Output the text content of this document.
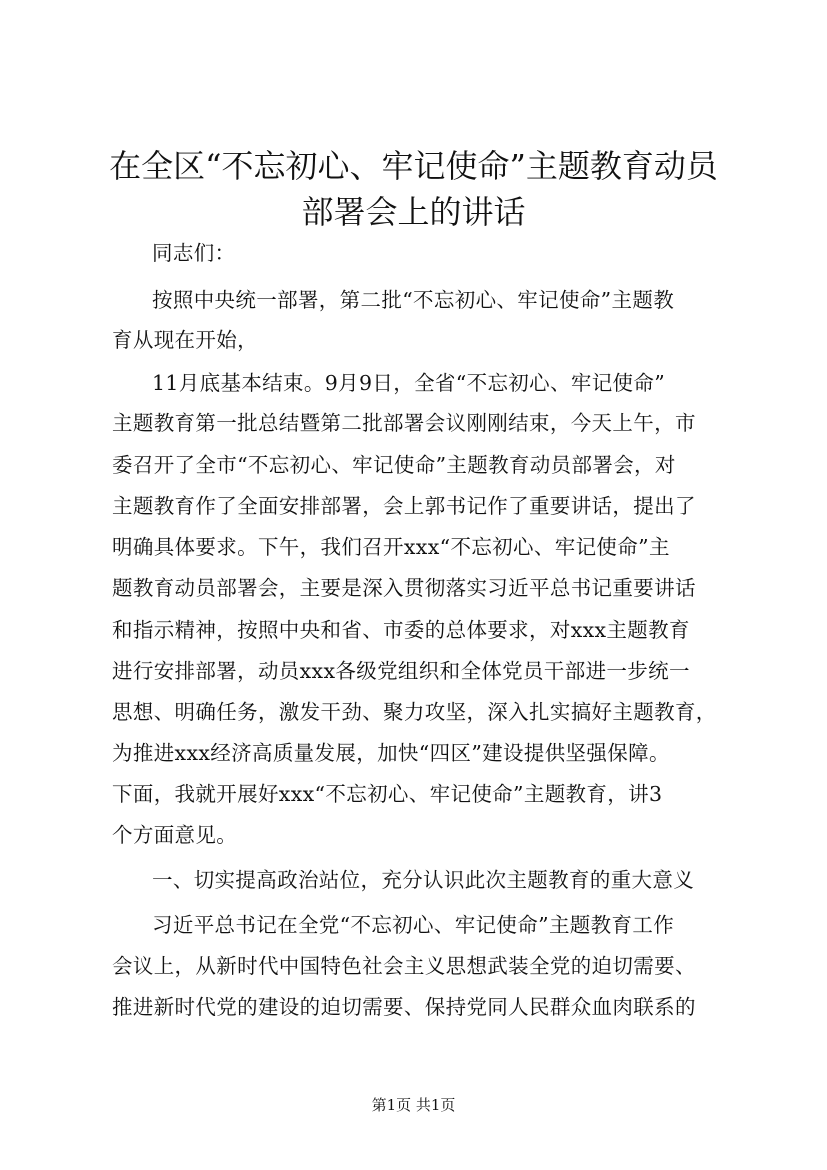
在全区“不忘初心、牢记使命”主题教育动员
部署会上的讲话
同志们：
按照中央统一部署，第二批“不忘初心、牢记使命”主题教
育从现在开始，
11月底基本结束。9月9日，全省“不忘初心、牢记使命”
主题教育第一批总结暨第二批部署会议刚刚结束，今天上午，市
委召开了全市“不忘初心、牢记使命”主题教育动员部署会，对
主题教育作了全面安排部署，会上郭书记作了重要讲话，提出了
明确具体要求。下午，我们召开xxx“不忘初心、牢记使命”主
题教育动员部署会，主要是深入贯彻落实习近平总书记重要讲话
和指示精神，按照中央和省、市委的总体要求，对xxx主题教育
进行安排部署，动员xxx各级党组织和全体党员干部进一步统一
思想、明确任务，激发干劲、聚力攻坚，深入扎实搞好主题教育，
为推进xxx经济高质量发展，加快“四区”建设提供坚强保障。
下面，我就开展好xxx“不忘初心、牢记使命”主题教育，讲3
个方面意见。
一、切实提高政治站位，充分认识此次主题教育的重大意义
习近平总书记在全党“不忘初心、牢记使命”主题教育工作
会议上，从新时代中国特色社会主义思想武装全党的迫切需要、
推进新时代党的建设的迫切需要、保持党同人民群众血肉联系的
第1页 共1页
